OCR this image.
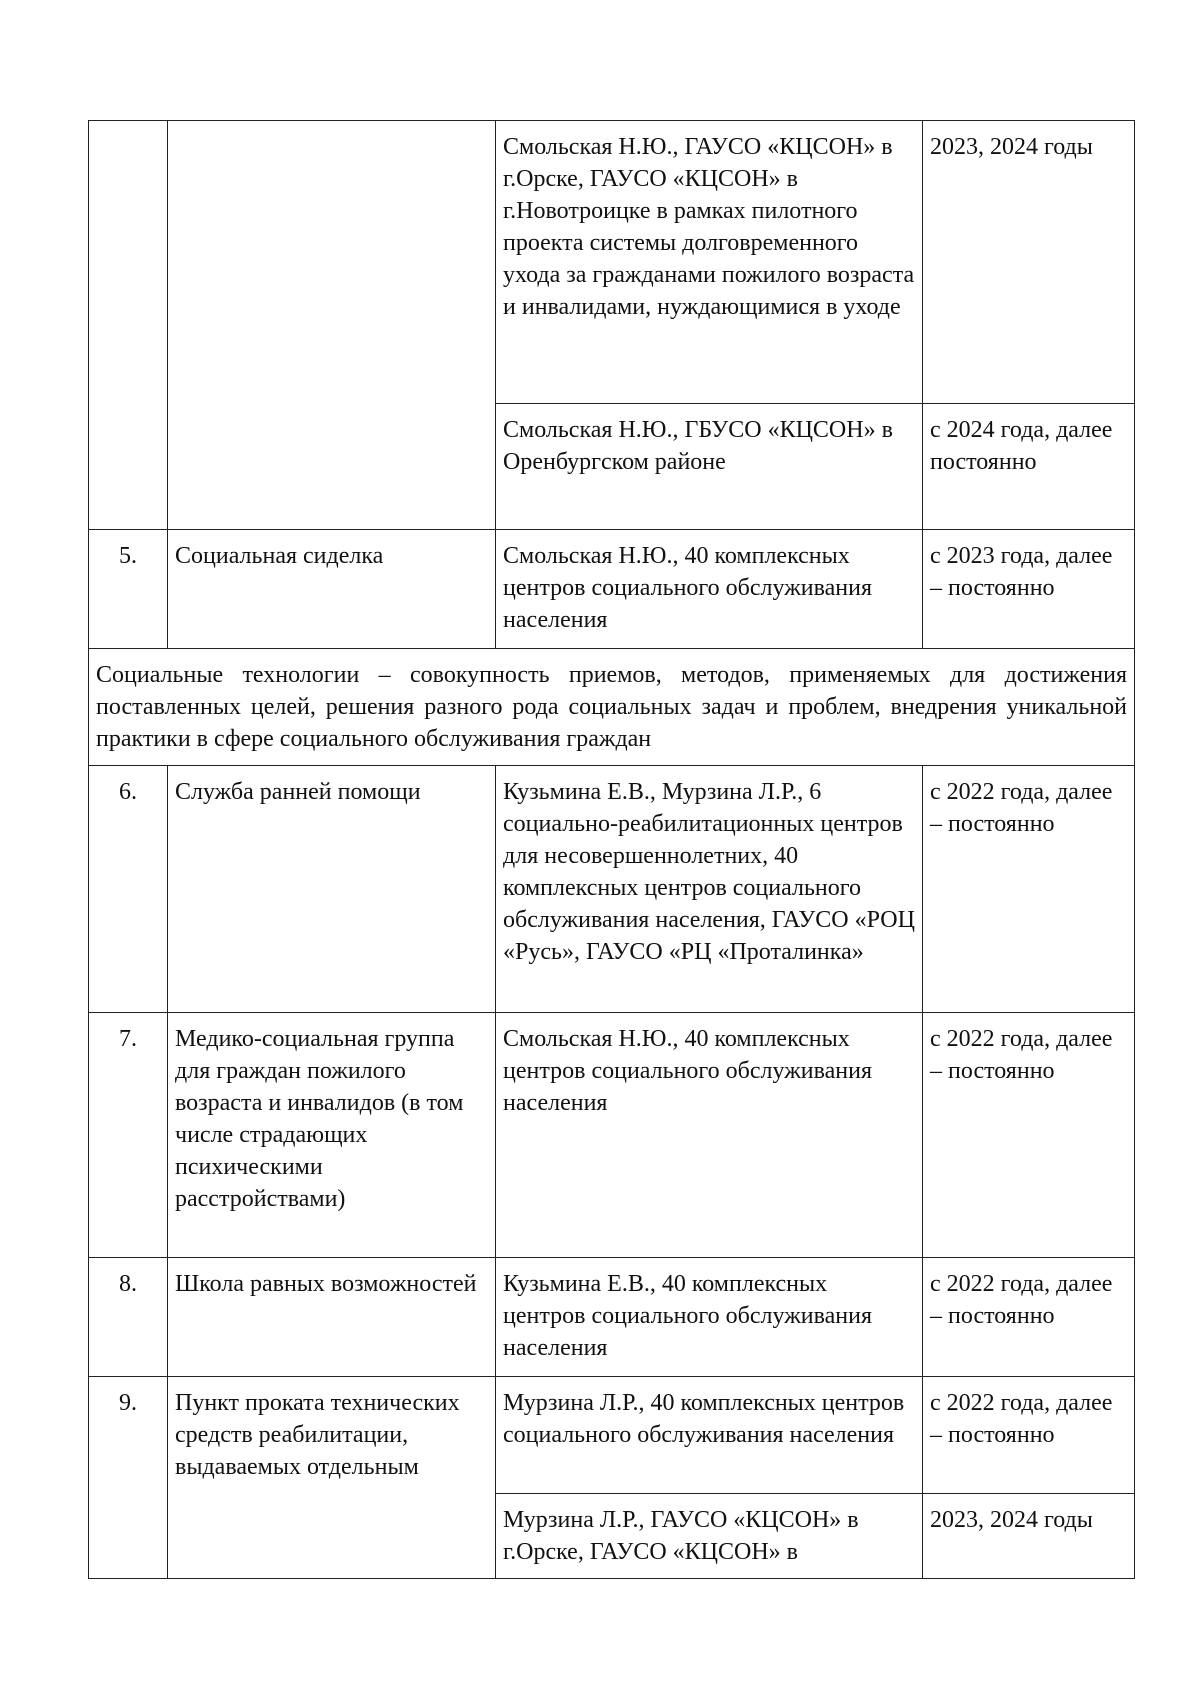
		Смольская Н.Ю., ГАУСО «КЦСОН» в г.Орске, ГАУСО «КЦСОН» в г.Новотроицке в рамках пилотного проекта системы долговременного ухода за гражданами пожилого возраста и инвалидами, нуждающимися в уходе	2023, 2024 годы
		Смольская Н.Ю., ГБУСО «КЦСОН» в Оренбургском районе	с 2024 года, далее постоянно
5.	Социальная сиделка	Смольская Н.Ю., 40 комплексных центров социального обслуживания населения	с 2023 года, далее – постоянно
Социальные технологии – совокупность приемов, методов, применяемых для достижения поставленных целей, решения разного рода социальных задач и проблем, внедрения уникальной практики в сфере социального обслуживания граждан			
6.	Служба ранней помощи	Кузьмина Е.В., Мурзина Л.Р., 6 социально-реабилитационных центров для несовершеннолетних, 40 комплексных центров социального обслуживания населения, ГАУСО «РОЦ «Русь», ГАУСО «РЦ «Проталинка»	с 2022 года, далее – постоянно
7.	Медико-социальная группа для граждан пожилого возраста и инвалидов (в том числе страдающих психическими расстройствами)	Смольская Н.Ю., 40 комплексных центров социального обслуживания населения	с 2022 года, далее – постоянно
8.	Школа равных возможностей	Кузьмина Е.В., 40 комплексных центров социального обслуживания населения	с 2022 года, далее – постоянно
9.	Пункт проката технических средств реабилитации, выдаваемых отдельным	Мурзина Л.Р., 40 комплексных центров социального обслуживания населения	с 2022 года, далее – постоянно
		Мурзина Л.Р., ГАУСО «КЦСОН» в г.Орске, ГАУСО «КЦСОН» в	2023, 2024 годы
